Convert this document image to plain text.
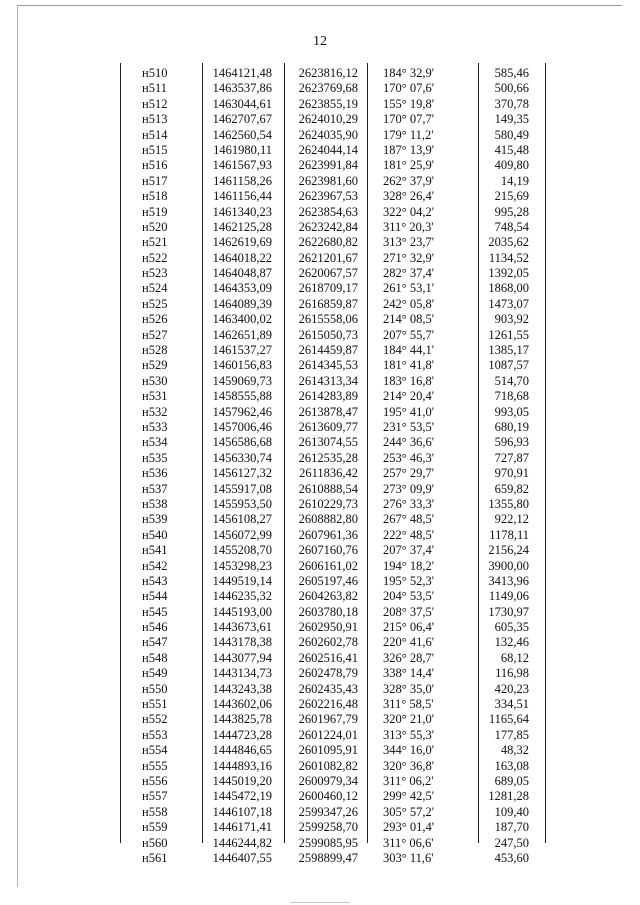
12
н510	1464121,48	2623816,12	184° 32,9'	585,46
н511	1463537,86	2623769,68	170° 07,6'	500,66
н512	1463044,61	2623855,19	155° 19,8'	370,78
н513	1462707,67	2624010,29	170° 07,7'	149,35
н514	1462560,54	2624035,90	179° 11,2'	580,49
н515	1461980,11	2624044,14	187° 13,9'	415,48
н516	1461567,93	2623991,84	181° 25,9'	409,80
н517	1461158,26	2623981,60	262° 37,9'	14,19
н518	1461156,44	2623967,53	328° 26,4'	215,69
н519	1461340,23	2623854,63	322° 04,2'	995,28
н520	1462125,28	2623242,84	311° 20,3'	748,54
н521	1462619,69	2622680,82	313° 23,7'	2035,62
н522	1464018,22	2621201,67	271° 32,9'	1134,52
н523	1464048,87	2620067,57	282° 37,4'	1392,05
н524	1464353,09	2618709,17	261° 53,1'	1868,00
н525	1464089,39	2616859,87	242° 05,8'	1473,07
н526	1463400,02	2615558,06	214° 08,5'	903,92
н527	1462651,89	2615050,73	207° 55,7'	1261,55
н528	1461537,27	2614459,87	184° 44,1'	1385,17
н529	1460156,83	2614345,53	181° 41,8'	1087,57
н530	1459069,73	2614313,34	183° 16,8'	514,70
н531	1458555,88	2614283,89	214° 20,4'	718,68
н532	1457962,46	2613878,47	195° 41,0'	993,05
н533	1457006,46	2613609,77	231° 53,5'	680,19
н534	1456586,68	2613074,55	244° 36,6'	596,93
н535	1456330,74	2612535,28	253° 46,3'	727,87
н536	1456127,32	2611836,42	257° 29,7'	970,91
н537	1455917,08	2610888,54	273° 09,9'	659,82
н538	1455953,50	2610229,73	276° 33,3'	1355,80
н539	1456108,27	2608882,80	267° 48,5'	922,12
н540	1456072,99	2607961,36	222° 48,5'	1178,11
н541	1455208,70	2607160,76	207° 37,4'	2156,24
н542	1453298,23	2606161,02	194° 18,2'	3900,00
н543	1449519,14	2605197,46	195° 52,3'	3413,96
н544	1446235,32	2604263,82	204° 53,5'	1149,06
н545	1445193,00	2603780,18	208° 37,5'	1730,97
н546	1443673,61	2602950,91	215° 06,4'	605,35
н547	1443178,38	2602602,78	220° 41,6'	132,46
н548	1443077,94	2602516,41	326° 28,7'	68,12
н549	1443134,73	2602478,79	338° 14,4'	116,98
н550	1443243,38	2602435,43	328° 35,0'	420,23
н551	1443602,06	2602216,48	311° 58,5'	334,51
н552	1443825,78	2601967,79	320° 21,0'	1165,64
н553	1444723,28	2601224,01	313° 55,3'	177,85
н554	1444846,65	2601095,91	344° 16,0'	48,32
н555	1444893,16	2601082,82	320° 36,8'	163,08
н556	1445019,20	2600979,34	311° 06,2'	689,05
н557	1445472,19	2600460,12	299° 42,5'	1281,28
н558	1446107,18	2599347,26	305° 57,2'	109,40
н559	1446171,41	2599258,70	293° 01,4'	187,70
н560	1446244,82	2599085,95	311° 06,6'	247,50
н561	1446407,55	2598899,47	303° 11,6'	453,60
